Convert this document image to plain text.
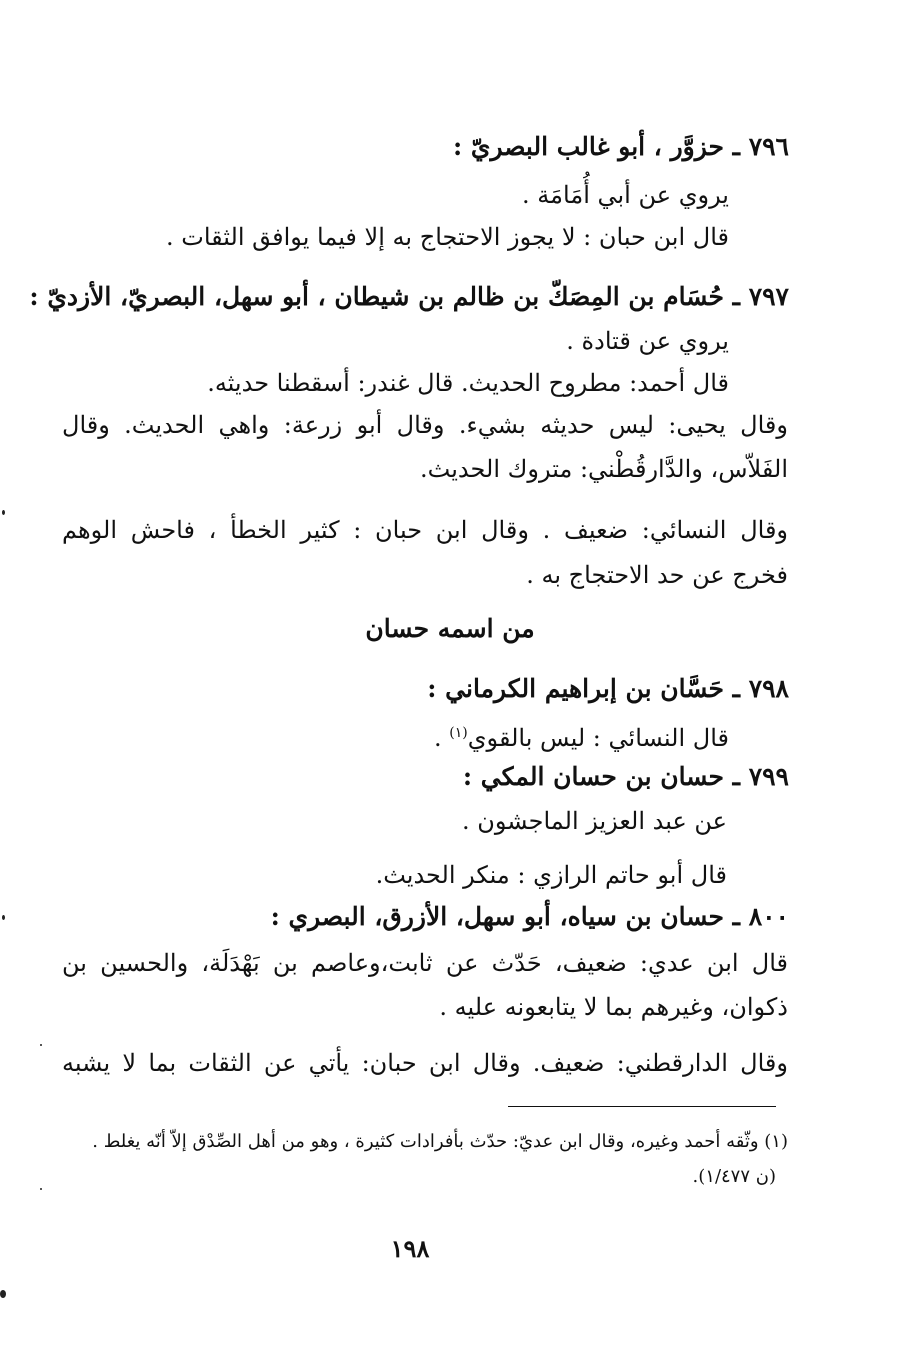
٧٩٦ ـ حزوَّر ، أبو غالب البصريّ :
يروي عن أبي أُمَامَة .
قال ابن حبان : لا يجوز الاحتجاج به إلا فيما يوافق الثقات .
٧٩٧ ـ حُسَام بن المِصَكّ بن ظالم بن شيطان ، أبو سهل، البصريّ، الأزديّ :
يروي عن قتادة .
قال أحمد: مطروح الحديث. قال غندر: أسقطنا حديثه.
وقال يحيى: ليس حديثه بشيء. وقال أبو زرعة: واهي الحديث. وقال
الفَلاّس، والدَّارقُطْني: متروك الحديث.
وقال النسائي: ضعيف . وقال ابن حبان : كثير الخطأ ، فاحش الوهم
فخرج عن حد الاحتجاج به .
من اسمه حسان
٧٩٨ ـ حَسَّان بن إبراهيم الكرماني :
قال النسائي : ليس بالقوي$^{(١)}$ .
٧٩٩ ـ حسان بن حسان المكي :
عن عبد العزيز الماجشون .
قال أبو حاتم الرازي : منكر الحديث.
٨٠٠ ـ حسان بن سياه، أبو سهل، الأزرق، البصري :
قال ابن عدي: ضعيف، حَدّث عن ثابت،وعاصم بن بَهْدَلَة، والحسين بن
ذكوان، وغيرهم بما لا يتابعونه عليه .
وقال الدارقطني: ضعيف. وقال ابن حبان: يأتي عن الثقات بما لا يشبه
(١) وثّقه أحمد وغيره، وقال ابن عديّ: حدّث بأفرادات كثيرة ، وهو من أهل الصِّدْق إلاّ أنّه يغلط .
(ن ١/٤٧٧).
١٩٨
